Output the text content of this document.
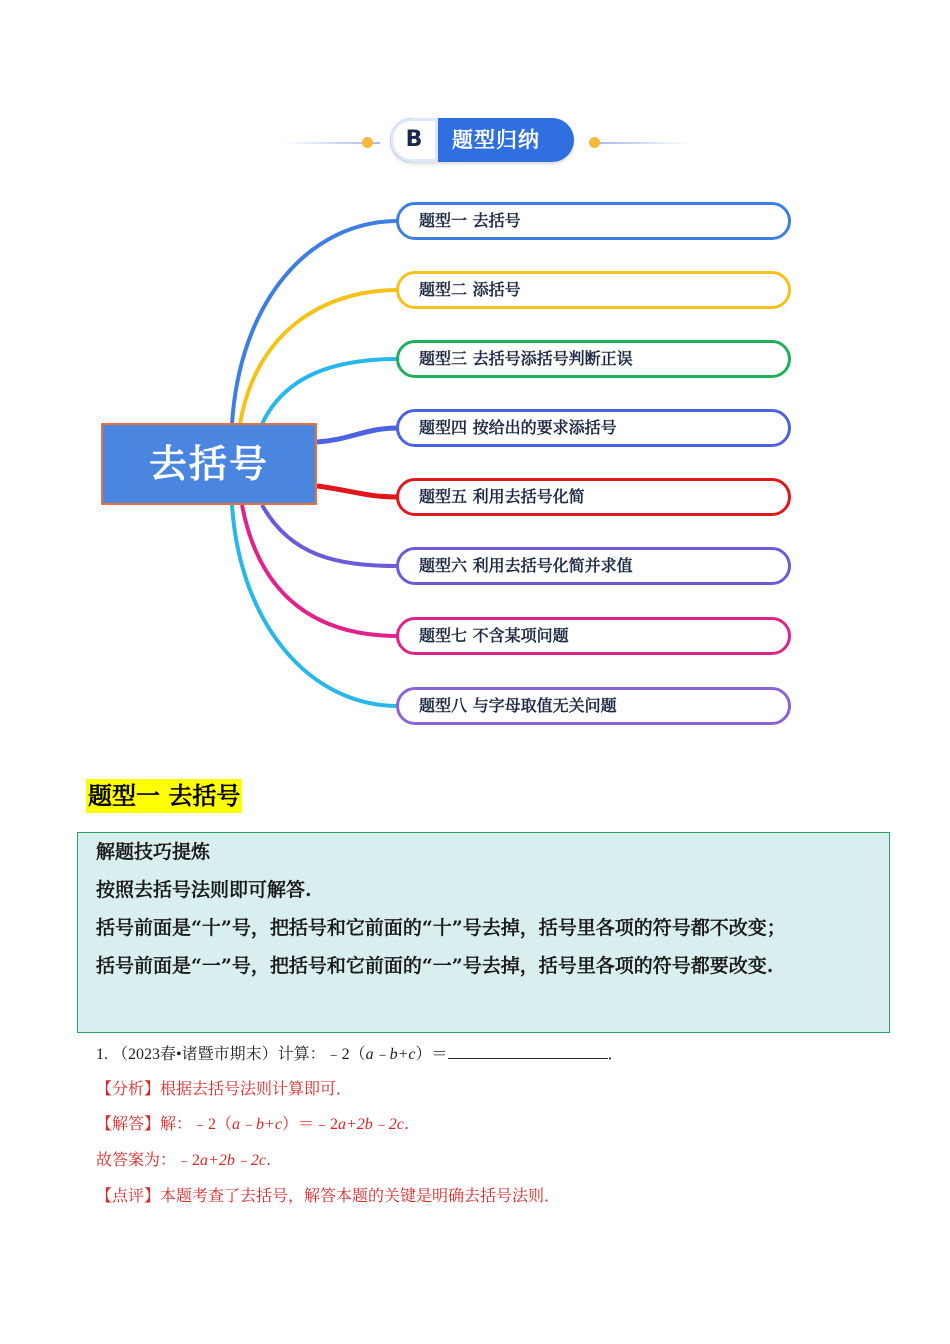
B	题型归纳
去括号
题型一 去括号
题型二 添括号
题型三 去括号添括号判断正误
题型四 按给出的要求添括号
题型五 利用去括号化简
题型六 利用去括号化简并求值
题型七 不含某项问题
题型八 与字母取值无关问题
题型一 去括号

解题技巧提炼

按照去括号法则即可解答.

括号前面是“十”号，把括号和它前面的“十”号去掉，括号里各项的符号都不改变；

括号前面是“一”号，把括号和它前面的“一”号去掉，括号里各项的符号都要改变.

1. （2023春•诸暨市期末）计算：﹣2（a﹣b+c）＝	．
【分析】根据去括号法则计算即可．
【解答】解：﹣2（a﹣b+c）＝﹣2a+2b﹣2c．
故答案为：﹣2a+2b﹣2c．
【点评】本题考查了去括号，解答本题的关键是明确去括号法则．
